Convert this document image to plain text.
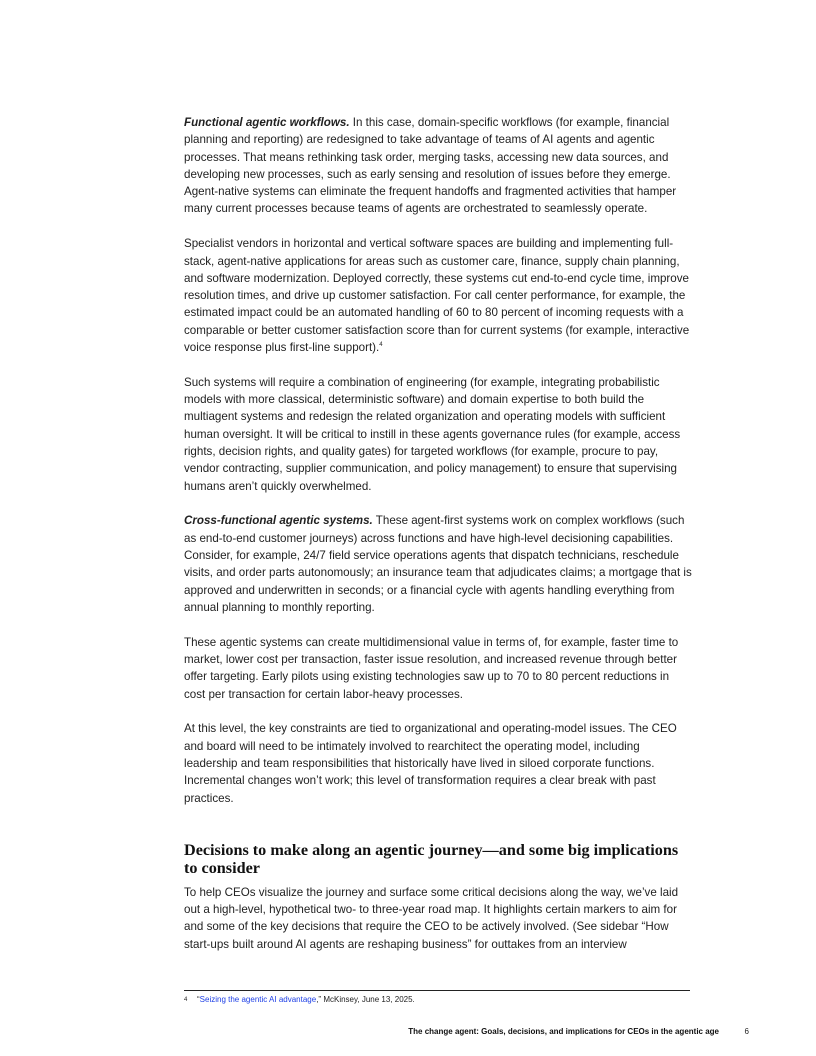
Functional agentic workflows. In this case, domain-specific workflows (for example, financial planning and reporting) are redesigned to take advantage of teams of AI agents and agentic processes. That means rethinking task order, merging tasks, accessing new data sources, and developing new processes, such as early sensing and resolution of issues before they emerge. Agent-native systems can eliminate the frequent handoffs and fragmented activities that hamper many current processes because teams of agents are orchestrated to seamlessly operate.

Specialist vendors in horizontal and vertical software spaces are building and implementing full-stack, agent-native applications for areas such as customer care, finance, supply chain planning, and software modernization. Deployed correctly, these systems cut end-to-end cycle time, improve resolution times, and drive up customer satisfaction. For call center performance, for example, the estimated impact could be an automated handling of 60 to 80 percent of incoming requests with a comparable or better customer satisfaction score than for current systems (for example, interactive voice response plus first-line support).$^4$

Such systems will require a combination of engineering (for example, integrating probabilistic models with more classical, deterministic software) and domain expertise to both build the multiagent systems and redesign the related organization and operating models with sufficient human oversight. It will be critical to instill in these agents governance rules (for example, access rights, decision rights, and quality gates) for targeted workflows (for example, procure to pay, vendor contracting, supplier communication, and policy management) to ensure that supervising humans aren’t quickly overwhelmed.

Cross-functional agentic systems. These agent-first systems work on complex workflows (such as end-to-end customer journeys) across functions and have high-level decisioning capabilities. Consider, for example, 24/7 field service operations agents that dispatch technicians, reschedule visits, and order parts autonomously; an insurance team that adjudicates claims; a mortgage that is approved and underwritten in seconds; or a financial cycle with agents handling everything from annual planning to monthly reporting.

These agentic systems can create multidimensional value in terms of, for example, faster time to market, lower cost per transaction, faster issue resolution, and increased revenue through better offer targeting. Early pilots using existing technologies saw up to 70 to 80 percent reductions in cost per transaction for certain labor-heavy processes.

At this level, the key constraints are tied to organizational and operating-model issues. The CEO and board will need to be intimately involved to rearchitect the operating model, including leadership and team responsibilities that historically have lived in siloed corporate functions. Incremental changes won’t work; this level of transformation requires a clear break with past practices.

Decisions to make along an agentic journey—and some big implications to consider

To help CEOs visualize the journey and surface some critical decisions along the way, we’ve laid out a high-level, hypothetical two- to three-year road map. It highlights certain markers to aim for and some of the key decisions that require the CEO to be actively involved. (See sidebar “How start-ups built around AI agents are reshaping business” for outtakes from an interview

4 “Seizing the agentic AI advantage,” McKinsey, June 13, 2025.
The change agent: Goals, decisions, and implications for CEOs in the agentic age	6
